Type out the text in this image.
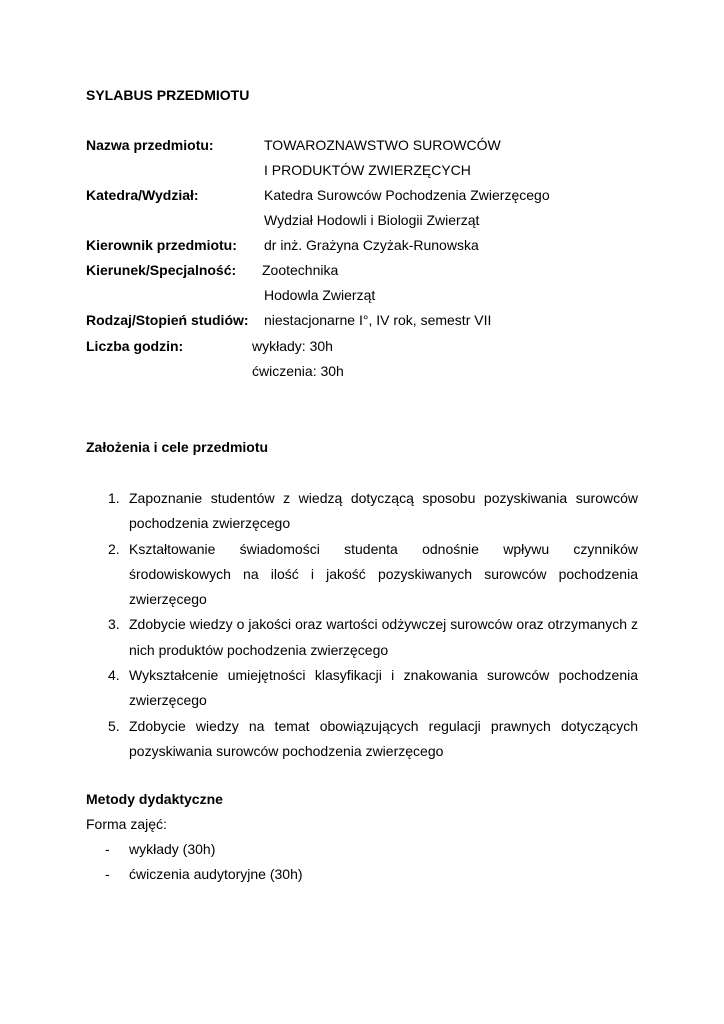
SYLABUS PRZEDMIOTU

Nazwa przedmiotu:	TOWAROZNAWSTWO SUROWCÓW
I PRODUKTÓW ZWIERZĘCYCH
Katedra/Wydział:	Katedra Surowców Pochodzenia Zwierzęcego
Wydział Hodowli i Biologii Zwierząt
Kierownik przedmiotu: dr inż. Grażyna Czyżak-Runowska
Kierunek/Specjalność: Zootechnika
Hodowla Zwierząt
Rodzaj/Stopień studiów: niestacjonarne I°, IV rok, semestr VII
Liczba godzin:	wykłady: 30h
ćwiczenia: 30h

Założenia i cele przedmiotu

1. Zapoznanie studentów z wiedzą dotyczącą sposobu pozyskiwania surowców pochodzenia zwierzęcego
2. Kształtowanie świadomości studenta odnośnie wpływu czynników środowiskowych na ilość i jakość pozyskiwanych surowców pochodzenia zwierzęcego
3. Zdobycie wiedzy o jakości oraz wartości odżywczej surowców oraz otrzymanych z nich produktów pochodzenia zwierzęcego
4. Wykształcenie umiejętności klasyfikacji i znakowania surowców pochodzenia zwierzęcego
5. Zdobycie wiedzy na temat obowiązujących regulacji prawnych dotyczących pozyskiwania surowców pochodzenia zwierzęcego

Metody dydaktyczne

Forma zajęć:

- wykłady (30h)
- ćwiczenia audytoryjne (30h)
